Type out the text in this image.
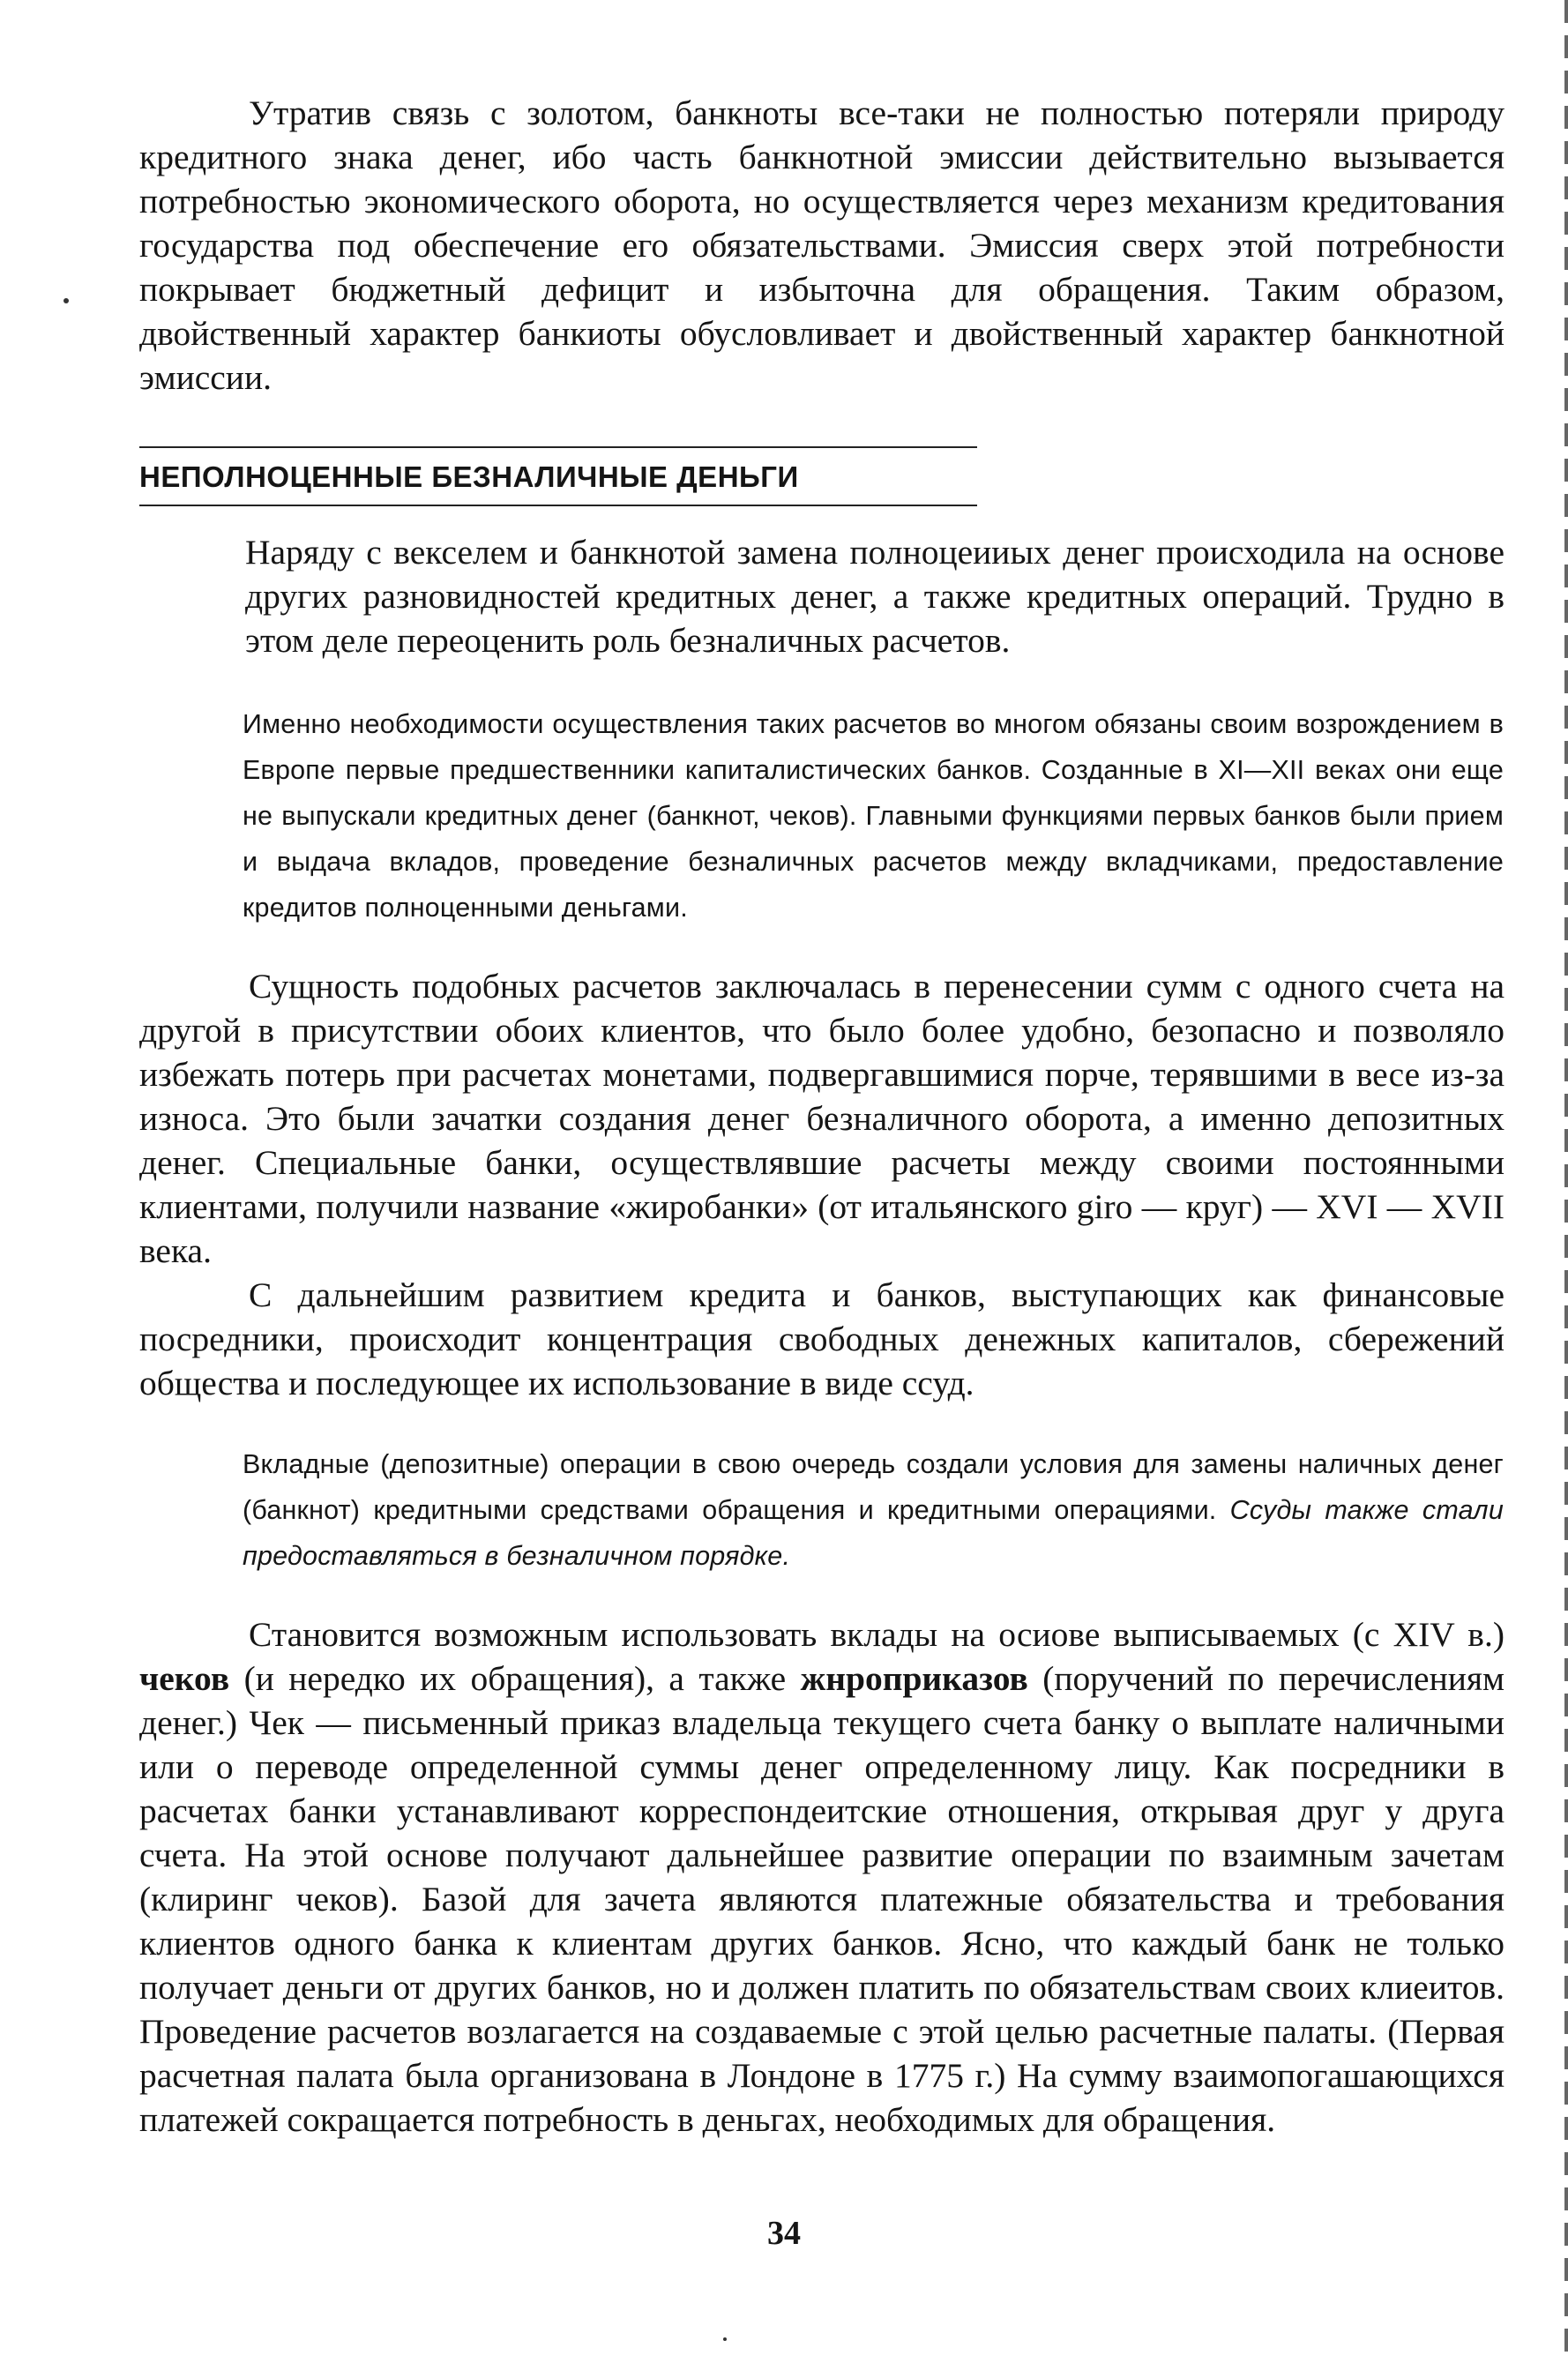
Утратив связь с золотом, банкноты все-таки не полностью потеряли природу кредитного знака денег, ибо часть банкнотной эмиссии действительно вызывается потребностью экономического оборота, но осуществляется через механизм кредитования государства под обеспечение его обязательствами. Эмиссия сверх этой потребности покрывает бюджетный дефицит и избыточна для обращения. Таким образом, двойственный характер банкиоты обусловливает и двойственный характер банкнотной эмиссии.

НЕПОЛНОЦЕННЫЕ БЕЗНАЛИЧНЫЕ ДЕНЬГИ

Наряду с векселем и банкнотой замена полноцеииых денег происходила на основе других разновидностей кредитных денег, а также кредитных операций. Трудно в этом деле переоценить роль безналичных расчетов.

Именно необходимости осуществления таких расчетов во многом обязаны своим возрождением в Европе первые предшественники капиталистических банков. Созданные в XI—XII веках они еще не выпускали кредитных денег (банкнот, чеков). Главными функциями первых банков были прием и выдача вкладов, проведение безналичных расчетов между вкладчиками, предоставление кредитов полноценными деньгами.

Сущность подобных расчетов заключалась в перенесении сумм с одного счета на другой в присутствии обоих клиентов, что было более удобно, безопасно и позволяло избежать потерь при расчетах монетами, подвергавшимися порче, терявшими в весе из-за износа. Это были зачатки создания денег безналичного оборота, а именно депозитных денег. Специальные банки, осуществлявшие расчеты между своими постоянными клиентами, получили название «жиробанки» (от итальянского giro — круг) — XVI — XVII века.

С дальнейшим развитием кредита и банков, выступающих как финансовые посредники, происходит концентрация свободных денежных капиталов, сбережений общества и последующее их использование в виде ссуд.

Вкладные (депозитные) операции в свою очередь создали условия для замены наличных денег (банкнот) кредитными средствами обращения и кредитными операциями. Ссуды также стали предоставляться в безналичном порядке.

Становится возможным использовать вклады на осиове выписываемых (с XIV в.) чеков (и нередко их обращения), а также жнроприказов (поручений по перечислениям денег.) Чек — письменный приказ владельца текущего счета банку о выплате наличными или о переводе определенной суммы денег определенному лицу. Как посредники в расчетах банки устанавливают корреспондеитские отношения, открывая друг у друга счета. На этой основе получают дальнейшее развитие операции по взаимным зачетам (клиринг чеков). Базой для зачета являются платежные обязательства и требования клиентов одного банка к клиентам других банков. Ясно, что каждый банк не только получает деньги от других банков, но и должен платить по обязательствам своих клиеитов. Проведение расчетов возлагается на создаваемые с этой целью расчетные палаты. (Первая расчетная палата была организована в Лондоне в 1775 г.) На сумму взаимопогашающихся платежей сокращается потребность в деньгах, необходимых для обращения.

34
